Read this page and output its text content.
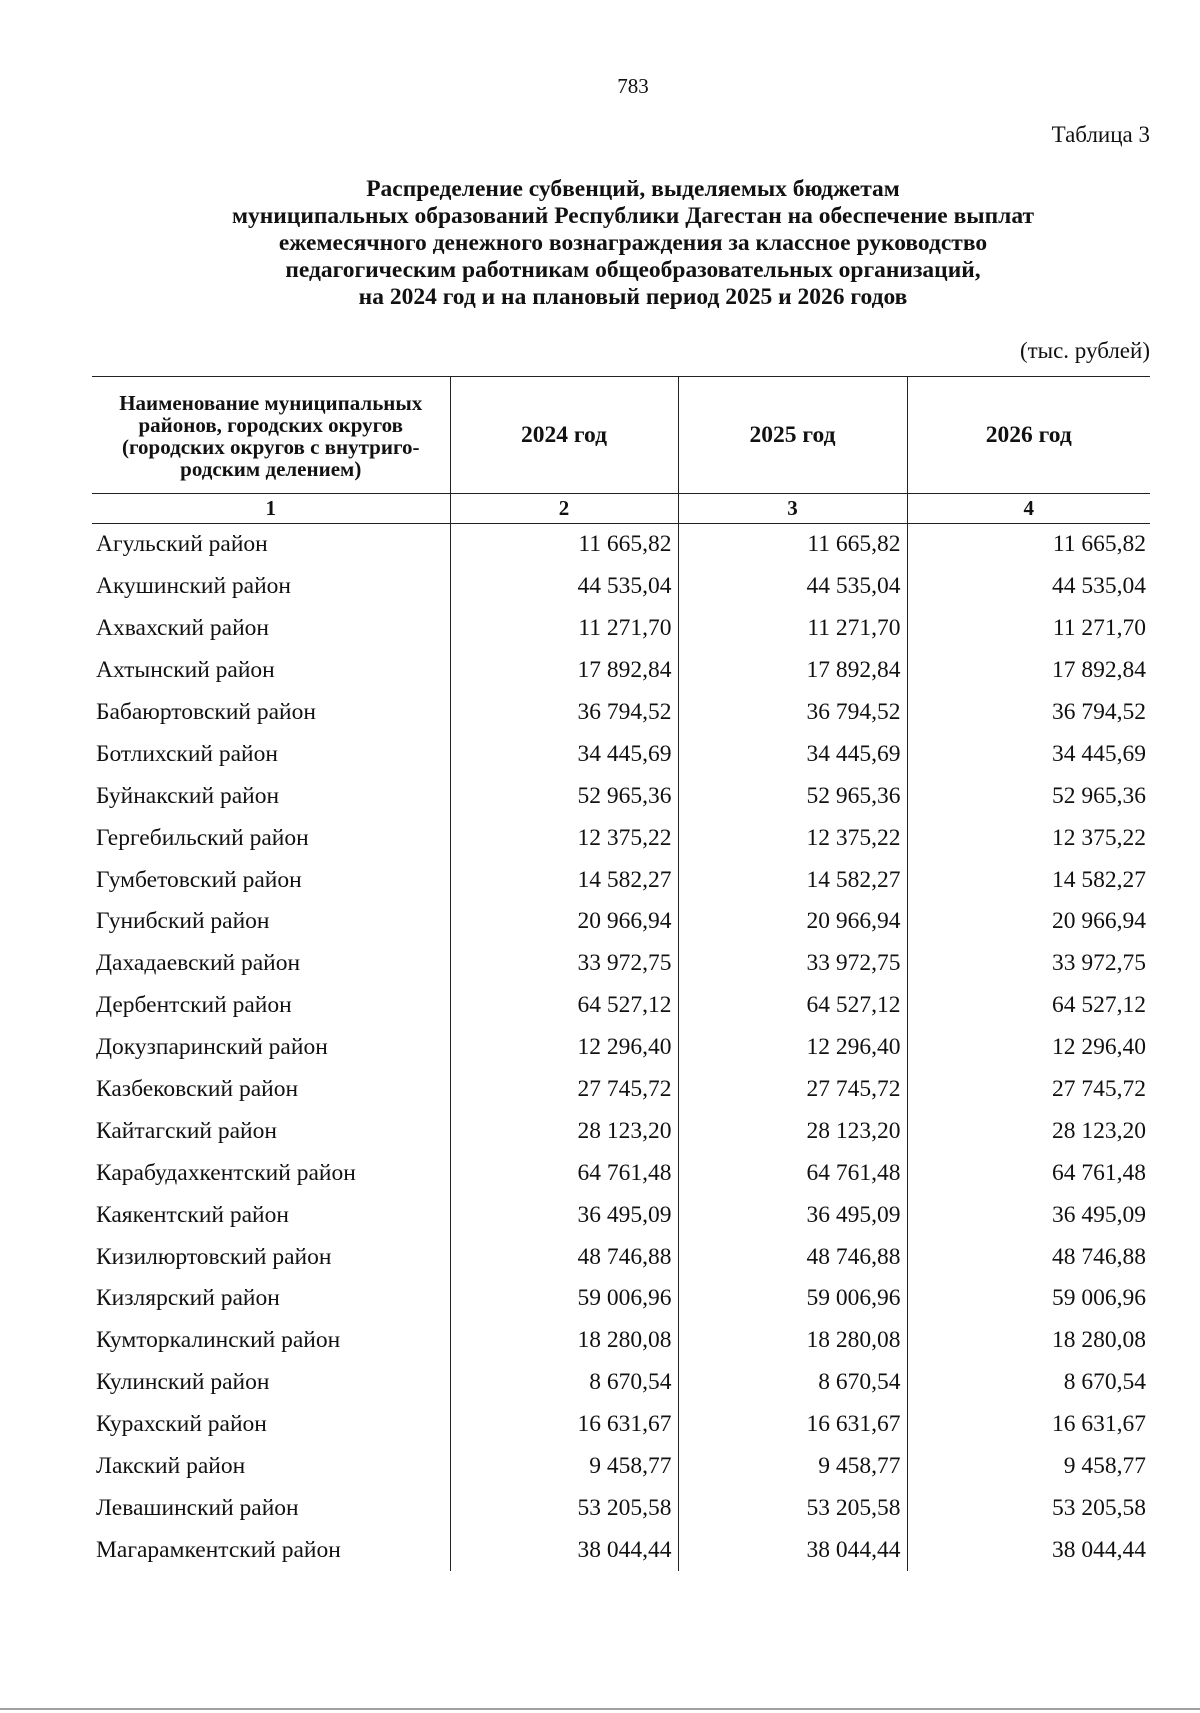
783
Таблица 3
Распределение субвенций, выделяемых бюджетам
муниципальных образований Республики Дагестан на обеспечение выплат
ежемесячного денежного вознаграждения за классное руководство
педагогическим работникам общеобразовательных организаций,
на 2024 год и на плановый период 2025 и 2026 годов
(тыс. рублей)
Наименование муниципальных
районов, городских округов
(городских округов с внутриго-
родским делением)	2024 год	2025 год	2026 год
1	2	3	4
Агульский район	11 665,82	11 665,82	11 665,82
Акушинский район	44 535,04	44 535,04	44 535,04
Ахвахский район	11 271,70	11 271,70	11 271,70
Ахтынский район	17 892,84	17 892,84	17 892,84
Бабаюртовский район	36 794,52	36 794,52	36 794,52
Ботлихский район	34 445,69	34 445,69	34 445,69
Буйнакский район	52 965,36	52 965,36	52 965,36
Гергебильский район	12 375,22	12 375,22	12 375,22
Гумбетовский район	14 582,27	14 582,27	14 582,27
Гунибский район	20 966,94	20 966,94	20 966,94
Дахадаевский район	33 972,75	33 972,75	33 972,75
Дербентский район	64 527,12	64 527,12	64 527,12
Докузпаринский район	12 296,40	12 296,40	12 296,40
Казбековский район	27 745,72	27 745,72	27 745,72
Кайтагский район	28 123,20	28 123,20	28 123,20
Карабудахкентский район	64 761,48	64 761,48	64 761,48
Каякентский район	36 495,09	36 495,09	36 495,09
Кизилюртовский район	48 746,88	48 746,88	48 746,88
Кизлярский район	59 006,96	59 006,96	59 006,96
Кумторкалинский район	18 280,08	18 280,08	18 280,08
Кулинский район	8 670,54	8 670,54	8 670,54
Курахский район	16 631,67	16 631,67	16 631,67
Лакский район	9 458,77	9 458,77	9 458,77
Левашинский район	53 205,58	53 205,58	53 205,58
Магарамкентский район	38 044,44	38 044,44	38 044,44
